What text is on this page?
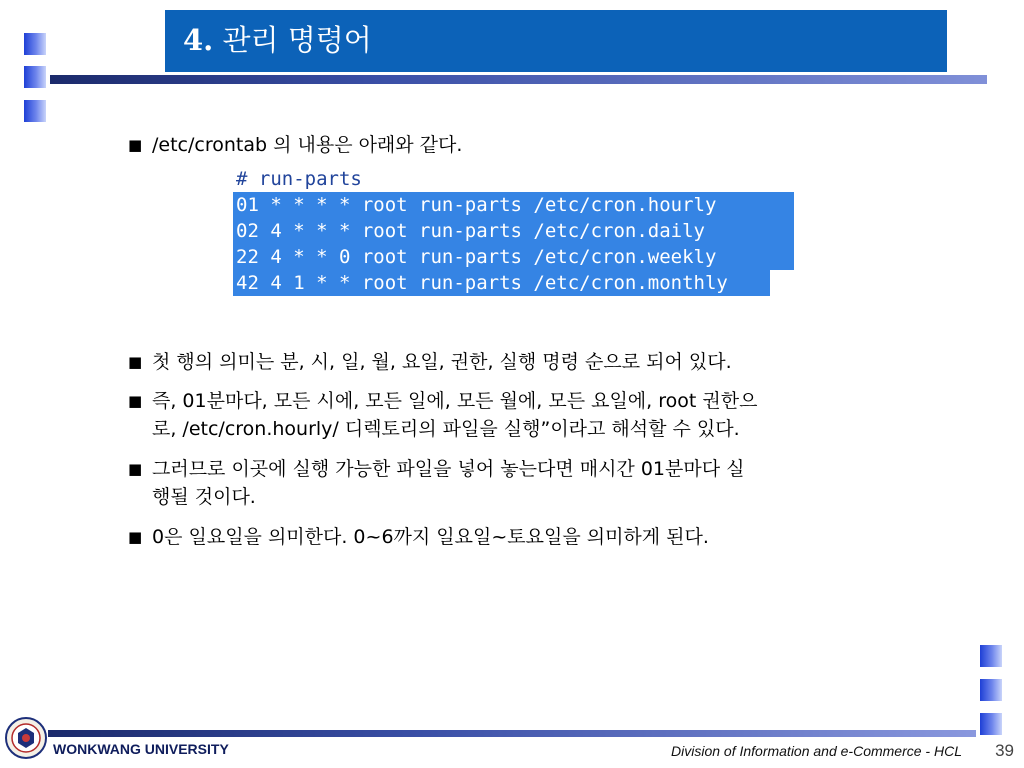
4. 관리 명령어
■ /etc/crontab 의 내용은 아래와 같다.
# run-parts
01 * * * * root run-parts /etc/cron.hourly
02 4 * * * root run-parts /etc/cron.daily
22 4 * * 0 root run-parts /etc/cron.weekly
42 4 1 * * root run-parts /etc/cron.monthly
■ 첫 행의 의미는 분, 시, 일, 월, 요일, 권한, 실행 명령 순으로 되어 있다.
■ 즉, 01분마다, 모든 시에, 모든 일에, 모든 월에, 모든 요일에, root 권한으
로, /etc/cron.hourly/ 디렉토리의 파일을 실행”이라고 해석할 수 있다.
■ 그러므로 이곳에 실행 가능한 파일을 넣어 놓는다면 매시간 01분마다 실
행될 것이다.
■ 0은 일요일을 의미한다. 0~6까지 일요일~토요일을 의미하게 된다.
WONKWANG UNIVERSITY	Division of Information and e-Commerce - HCL 39
